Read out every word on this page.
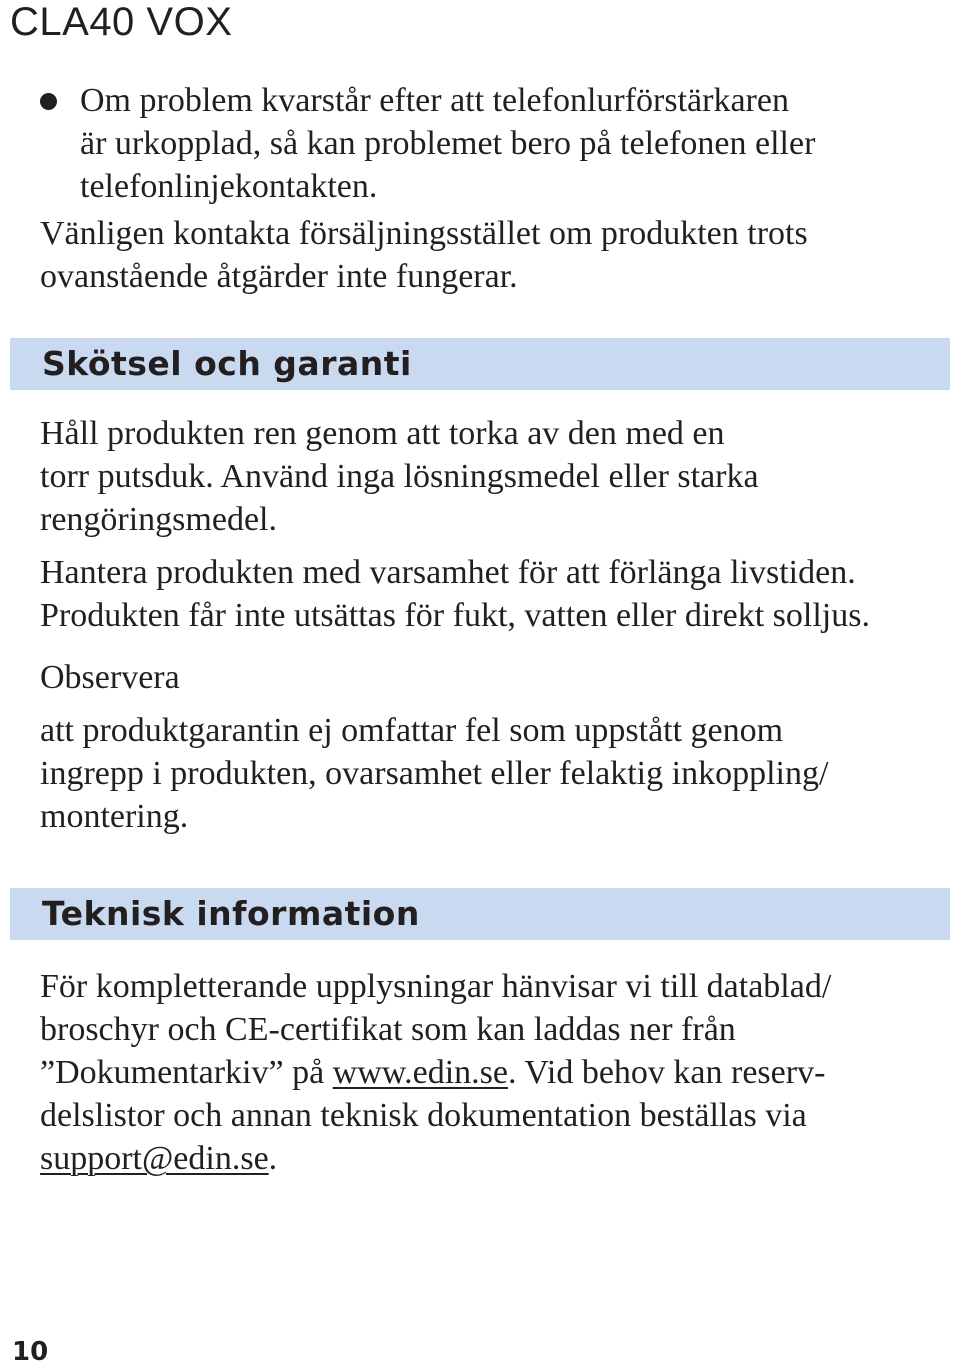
CLA40 VOX
Om problem kvarstår efter att telefonlurförstärkaren
är urkopplad, så kan problemet bero på telefonen eller
telefonlinjekontakten.
Vänligen kontakta försäljningsstället om produkten trots
ovanstående åtgärder inte fungerar.
Skötsel och garanti
Håll produkten ren genom att torka av den med en
torr putsduk. Använd inga lösningsmedel eller starka
rengöringsmedel.
Hantera produkten med varsamhet för att förlänga livstiden.
Produkten får inte utsättas för fukt, vatten eller direkt solljus.
Observera
att produktgarantin ej omfattar fel som uppstått genom
ingrepp i produkten, ovarsamhet eller felaktig inkoppling/
montering.
Teknisk information
För kompletterande upplysningar hänvisar vi till datablad/
broschyr och CE-certifikat som kan laddas ner från
”Dokumentarkiv” på www.edin.se. Vid behov kan reserv-
delslistor och annan teknisk dokumentation beställas via
support@edin.se.
10
